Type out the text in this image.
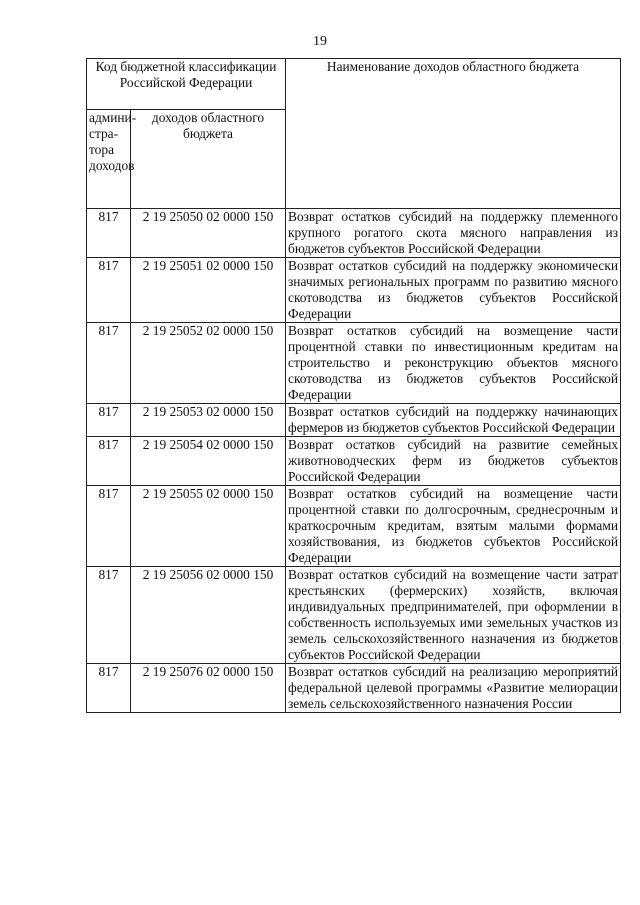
19
Код бюджетной классификации Российской Федерации		Наименование доходов областного бюджета
админи-стра-тора доходов	доходов областного бюджета	
817	2 19 25050 02 0000 150	Возврат остатков субсидий на поддержку племенного крупного рогатого скота мясного направления из бюджетов субъектов Российской Федерации
817	2 19 25051 02 0000 150	Возврат остатков субсидий на поддержку экономически значимых региональных программ по развитию мясного скотоводства из бюджетов субъектов Российской Федерации
817	2 19 25052 02 0000 150	Возврат остатков субсидий на возмещение части процентной ставки по инвестиционным кредитам на строительство и реконструкцию объектов мясного скотоводства из бюджетов субъектов Российской Федерации
817	2 19 25053 02 0000 150	Возврат остатков субсидий на поддержку начинающих фермеров из бюджетов субъектов Российской Федерации
817	2 19 25054 02 0000 150	Возврат остатков субсидий на развитие семейных животноводческих ферм из бюджетов субъектов Российской Федерации
817	2 19 25055 02 0000 150	Возврат остатков субсидий на возмещение части процентной ставки по долгосрочным, среднесрочным и краткосрочным кредитам, взятым малыми формами хозяйствования, из бюджетов субъектов Российской Федерации
817	2 19 25056 02 0000 150	Возврат остатков субсидий на возмещение части затрат крестьянских (фермерских) хозяйств, включая индивидуальных предпринимателей, при оформлении в собственность используемых ими земельных участков из земель сельскохозяйственного назначения из бюджетов субъектов Российской Федерации
817	2 19 25076 02 0000 150	Возврат остатков субсидий на реализацию мероприятий федеральной целевой программы «Развитие мелиорации земель сельскохозяйственного назначения России
